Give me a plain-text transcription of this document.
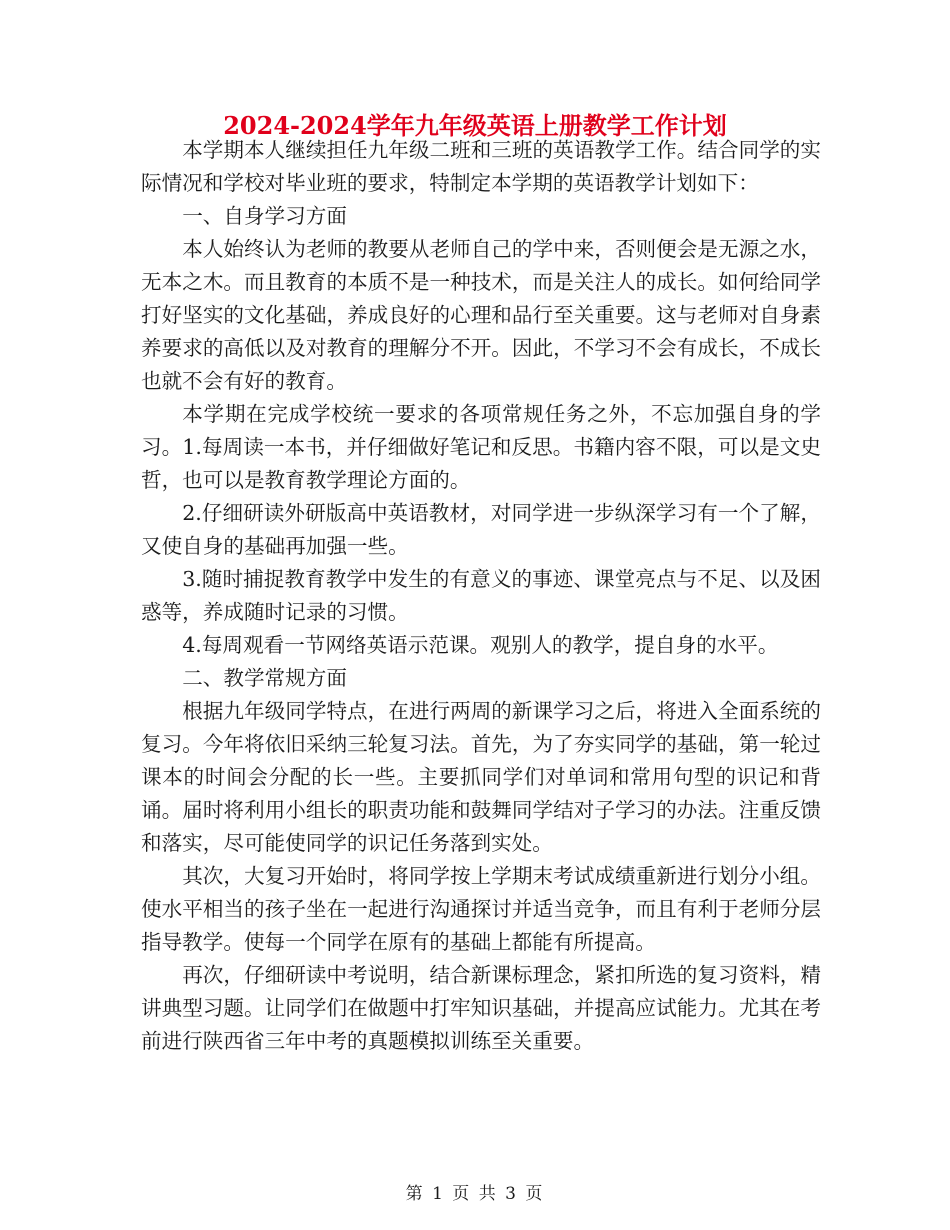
2024-2024学年九年级英语上册教学工作计划

本学期本人继续担任九年级二班和三班的英语教学工作。结合同学的实际情况和学校对毕业班的要求，特制定本学期的英语教学计划如下：

一、自身学习方面

本人始终认为老师的教要从老师自己的学中来，否则便会是无源之水，无本之木。而且教育的本质不是一种技术，而是关注人的成长。如何给同学打好坚实的文化基础，养成良好的心理和品行至关重要。这与老师对自身素养要求的高低以及对教育的理解分不开。因此，不学习不会有成长，不成长也就不会有好的教育。

本学期在完成学校统一要求的各项常规任务之外，不忘加强自身的学习。1.每周读一本书，并仔细做好笔记和反思。书籍内容不限，可以是文史哲，也可以是教育教学理论方面的。

2.仔细研读外研版高中英语教材，对同学进一步纵深学习有一个了解，又使自身的基础再加强一些。

3.随时捕捉教育教学中发生的有意义的事迹、课堂亮点与不足、以及困惑等，养成随时记录的习惯。

4.每周观看一节网络英语示范课。观别人的教学，提自身的水平。

二、教学常规方面

根据九年级同学特点，在进行两周的新课学习之后，将进入全面系统的复习。今年将依旧采纳三轮复习法。首先，为了夯实同学的基础，第一轮过课本的时间会分配的长一些。主要抓同学们对单词和常用句型的识记和背诵。届时将利用小组长的职责功能和鼓舞同学结对子学习的办法。注重反馈和落实，尽可能使同学的识记任务落到实处。

其次，大复习开始时，将同学按上学期末考试成绩重新进行划分小组。使水平相当的孩子坐在一起进行沟通探讨并适当竞争，而且有利于老师分层指导教学。使每一个同学在原有的基础上都能有所提高。

再次，仔细研读中考说明，结合新课标理念，紧扣所选的复习资料，精讲典型习题。让同学们在做题中打牢知识基础，并提高应试能力。尤其在考前进行陕西省三年中考的真题模拟训练至关重要。

第 1 页 共 3 页
